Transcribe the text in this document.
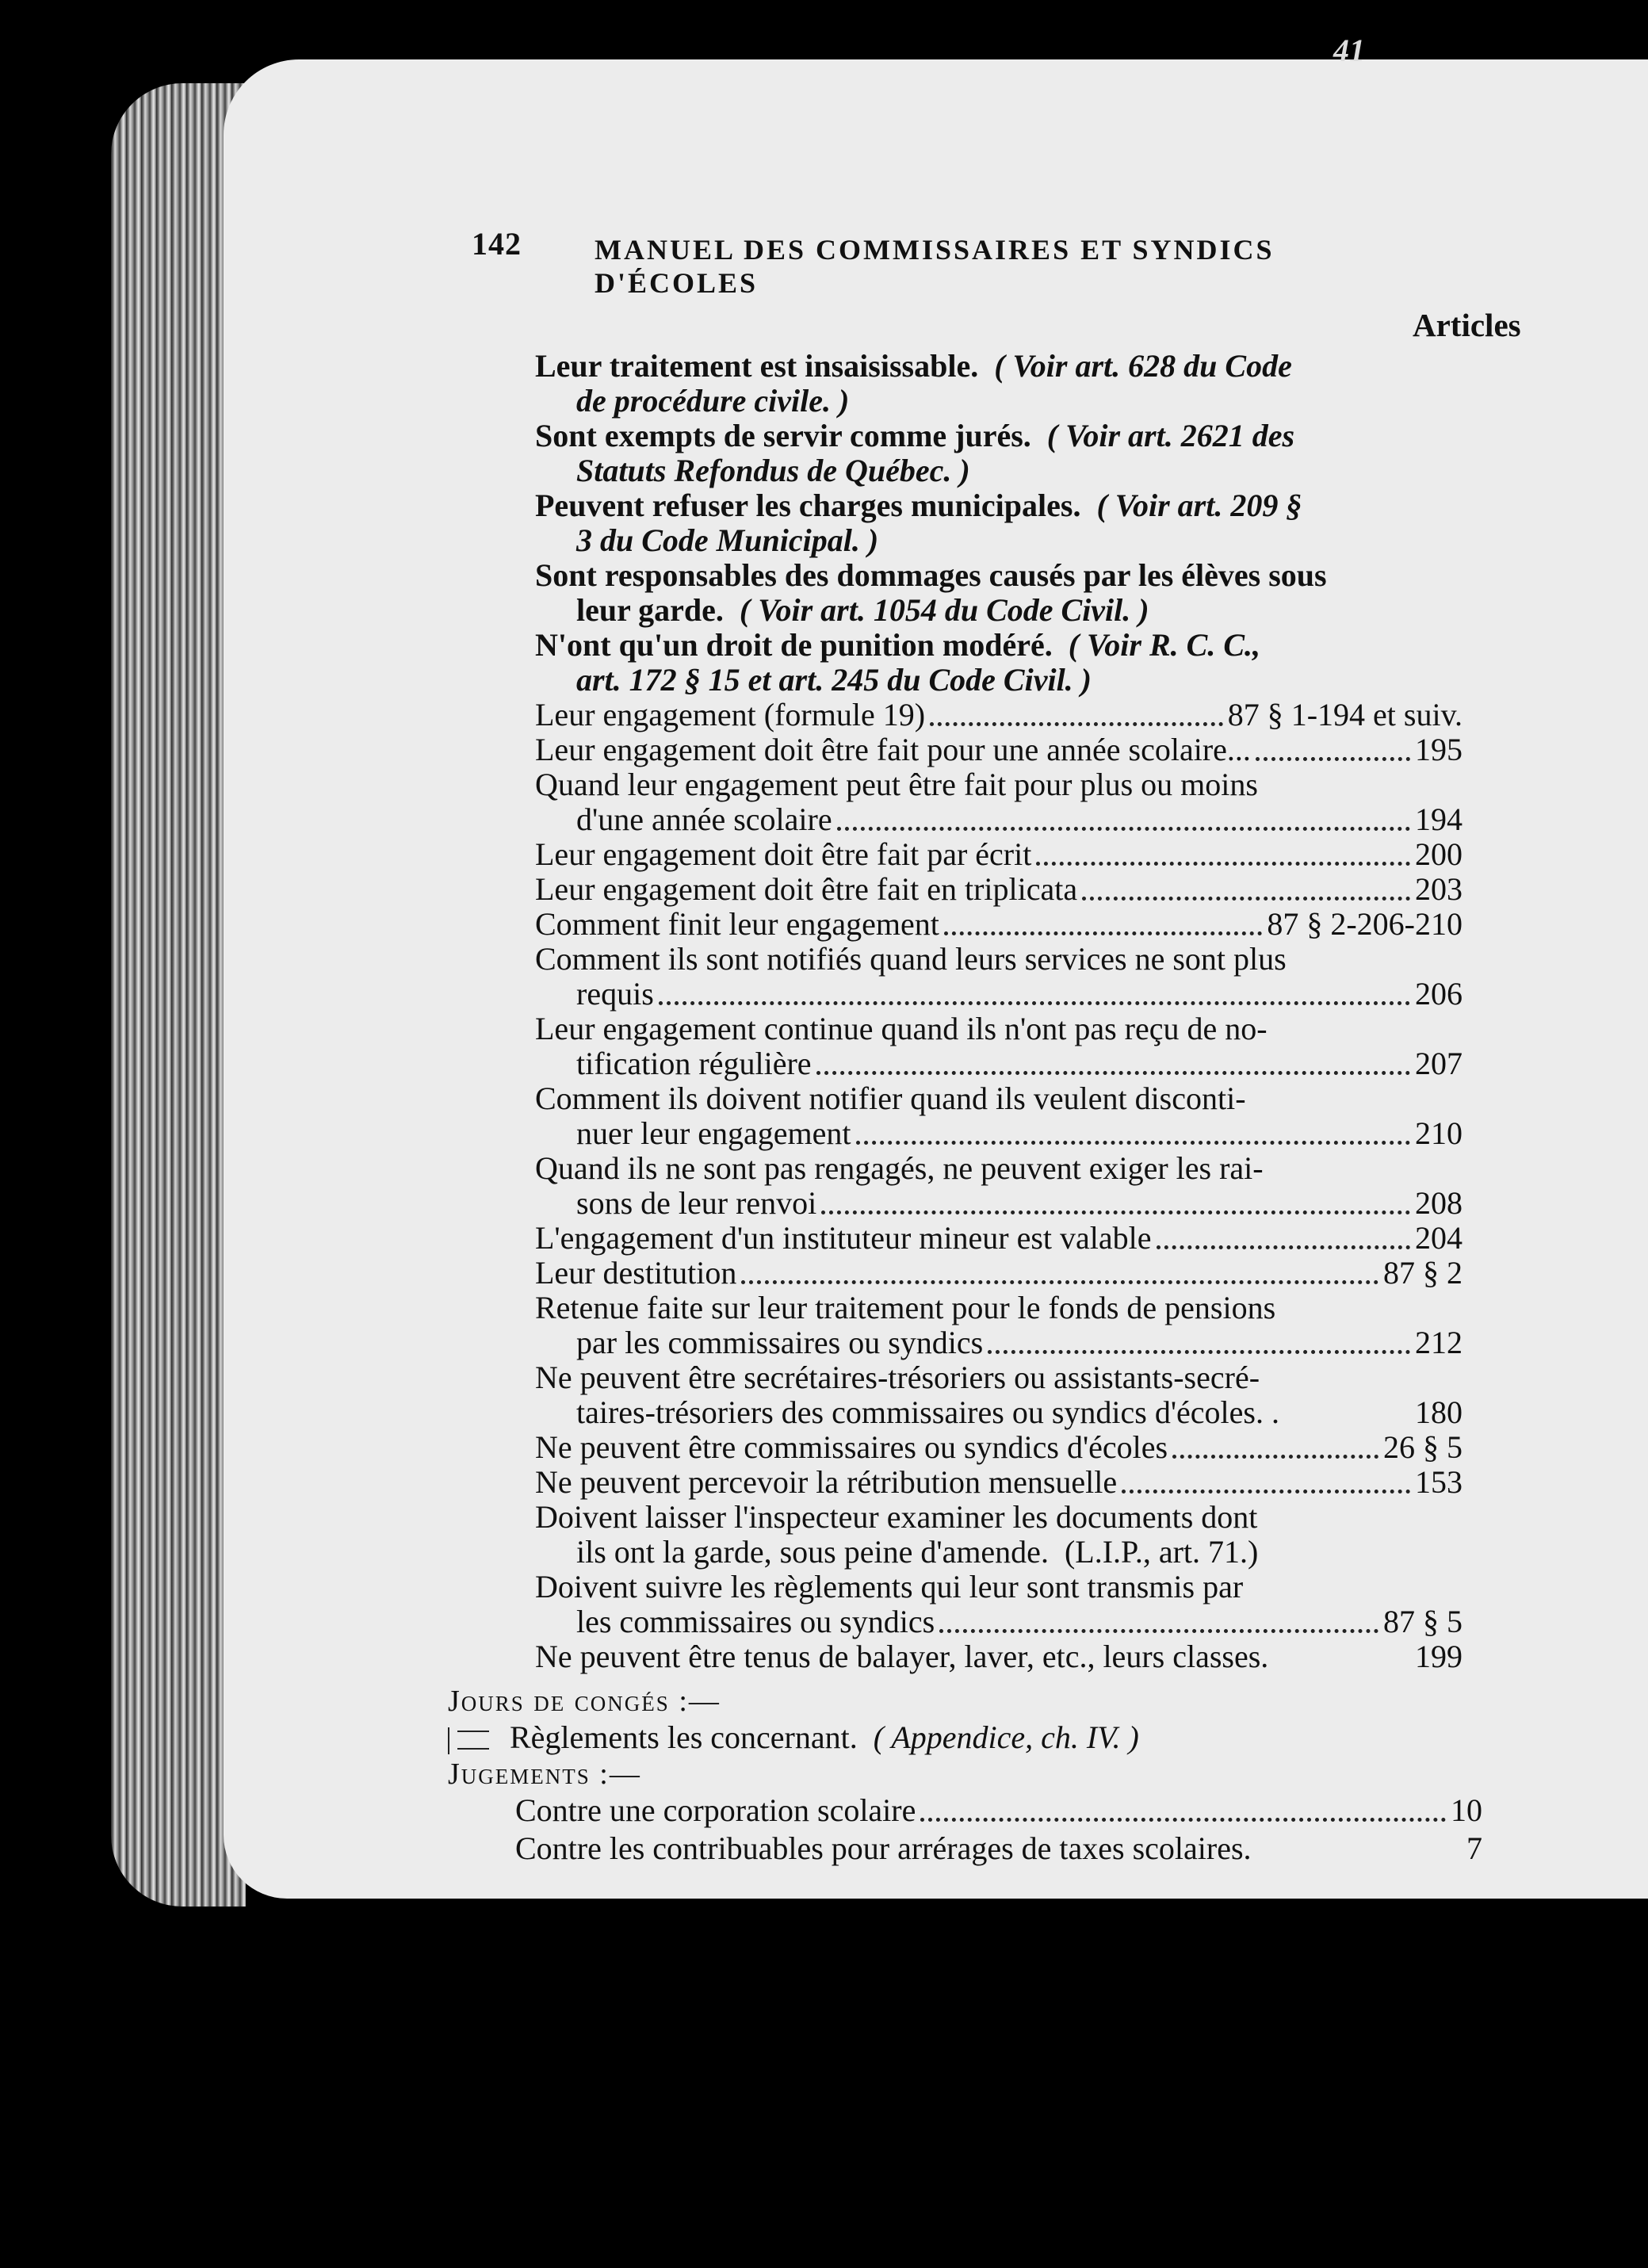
41
142	MANUEL DES COMMISSAIRES ET SYNDICS D'ÉCOLES
Articles
Leur traitement est insaisissable. ( Voir art. 628 du Code
de procédure civile. )
Sont exempts de servir comme jurés. ( Voir art. 2621 des
Statuts Refondus de Québec. )
Peuvent refuser les charges municipales. ( Voir art. 209 §
3 du Code Municipal. )
Sont responsables des dommages causés par les élèves sous
leur garde. ( Voir art. 1054 du Code Civil. )
N'ont qu'un droit de punition modéré. ( Voir R. C. C.,
art. 172 § 15 et art. 245 du Code Civil. )
Leur engagement (formule 19)	87 § 1-194 et suiv.
Leur engagement doit être fait pour une année scolaire...	195
Quand leur engagement peut être fait pour plus ou moins
d'une année scolaire	194
Leur engagement doit être fait par écrit	200
Leur engagement doit être fait en triplicata	203
Comment finit leur engagement	87 § 2-206-210
Comment ils sont notifiés quand leurs services ne sont plus
requis	206
Leur engagement continue quand ils n'ont pas reçu de no-
tification régulière	207
Comment ils doivent notifier quand ils veulent disconti-
nuer leur engagement	210
Quand ils ne sont pas rengagés, ne peuvent exiger les rai-
sons de leur renvoi	208
L'engagement d'un instituteur mineur est valable	204
Leur destitution	87 § 2
Retenue faite sur leur traitement pour le fonds de pensions
par les commissaires ou syndics	212
Ne peuvent être secrétaires-trésoriers ou assistants-secré-
taires-trésoriers des commissaires ou syndics d'écoles. .	180
Ne peuvent être commissaires ou syndics d'écoles	26 § 5
Ne peuvent percevoir la rétribution mensuelle	153
Doivent laisser l'inspecteur examiner les documents dont
ils ont la garde, sous peine d'amende. (L.I.P., art. 71.)
Doivent suivre les règlements qui leur sont transmis par
les commissaires ou syndics	87 § 5
Ne peuvent être tenus de balayer, laver, etc., leurs classes.	199
Jours de congés :—
Règlements les concernant. ( Appendice, ch. IV. )
Jugements :—
Contre une corporation scolaire	10
Contre les contribuables pour arrérages de taxes scolaires.	7
